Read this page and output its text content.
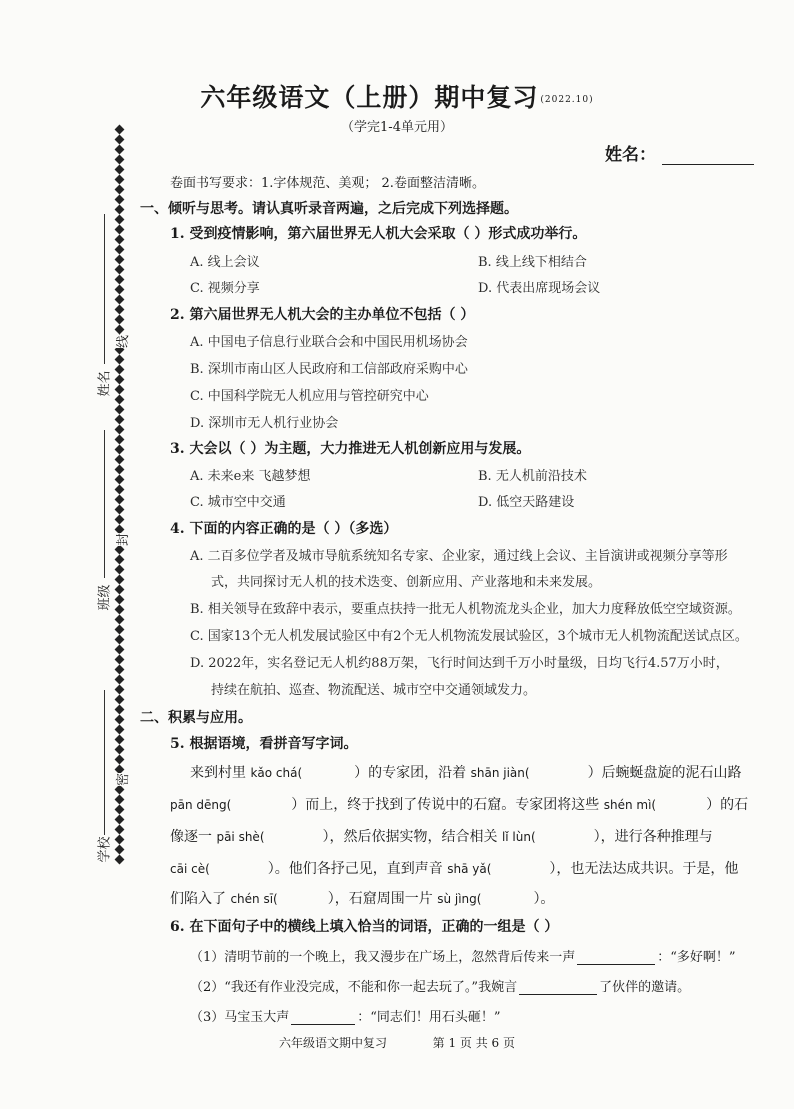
姓名
线
班级
封
学校
密
六年级语文（上册）期中复习 (2022.10)
（学完1-4单元用）
姓名：
卷面书写要求：1.字体规范、美观； 2.卷面整洁清晰。
一、倾听与思考。请认真听录音两遍，之后完成下列选择题。
1. 受到疫情影响，第六届世界无人机大会采取（ ）形式成功举行。
A. 线上会议	B. 线上线下相结合
C. 视频分享	D. 代表出席现场会议
2. 第六届世界无人机大会的主办单位不包括（ ）
A. 中国电子信息行业联合会和中国民用机场协会
B. 深圳市南山区人民政府和工信部政府采购中心
C. 中国科学院无人机应用与管控研究中心
D. 深圳市无人机行业协会
3. 大会以（ ）为主题，大力推进无人机创新应用与发展。
A. 未来e来 飞越梦想	B. 无人机前沿技术
C. 城市空中交通	D. 低空天路建设
4. 下面的内容正确的是（ ）（多选）
A. 二百多位学者及城市导航系统知名专家、企业家，通过线上会议、主旨演讲或视频分享等形
式，共同探讨无人机的技术迭变、创新应用、产业落地和未来发展。
B. 相关领导在致辞中表示，要重点扶持一批无人机物流龙头企业，加大力度释放低空空域资源。
C. 国家13个无人机发展试验区中有2个无人机物流发展试验区，3个城市无人机物流配送试点区。
D. 2022年，实名登记无人机约88万架，飞行时间达到千万小时量级，日均飞行4.57万小时，
持续在航拍、巡查、物流配送、城市空中交通领域发力。
二、积累与应用。
5. 根据语境，看拼音写字词。
来到村里 kǎo chá(	）的专家团，沿着 shān jiàn(	）后蜿蜒盘旋的泥石山路
pān dēng(	）而上，终于找到了传说中的石窟。专家团将这些 shén mì(	）的石
像逐一 pāi shè(	），然后依据实物，结合相关 lǐ lùn(	），进行各种推理与
cāi cè(	）。他们各抒己见，直到声音 shā yǎ(	），也无法达成共识。于是，他
们陷入了 chén sī(	），石窟周围一片 sù jìng(	）。
6. 在下面句子中的横线上填入恰当的词语，正确的一组是（ ）
（1）清明节前的一个晚上，我又漫步在广场上，忽然背后传来一声	：“多好啊！”
（2）“我还有作业没完成，不能和你一起去玩了。”我婉言	了伙伴的邀请。
（3）马宝玉大声	：“同志们！用石头砸！”
六年级语文期中复习	第 1 页 共 6 页
